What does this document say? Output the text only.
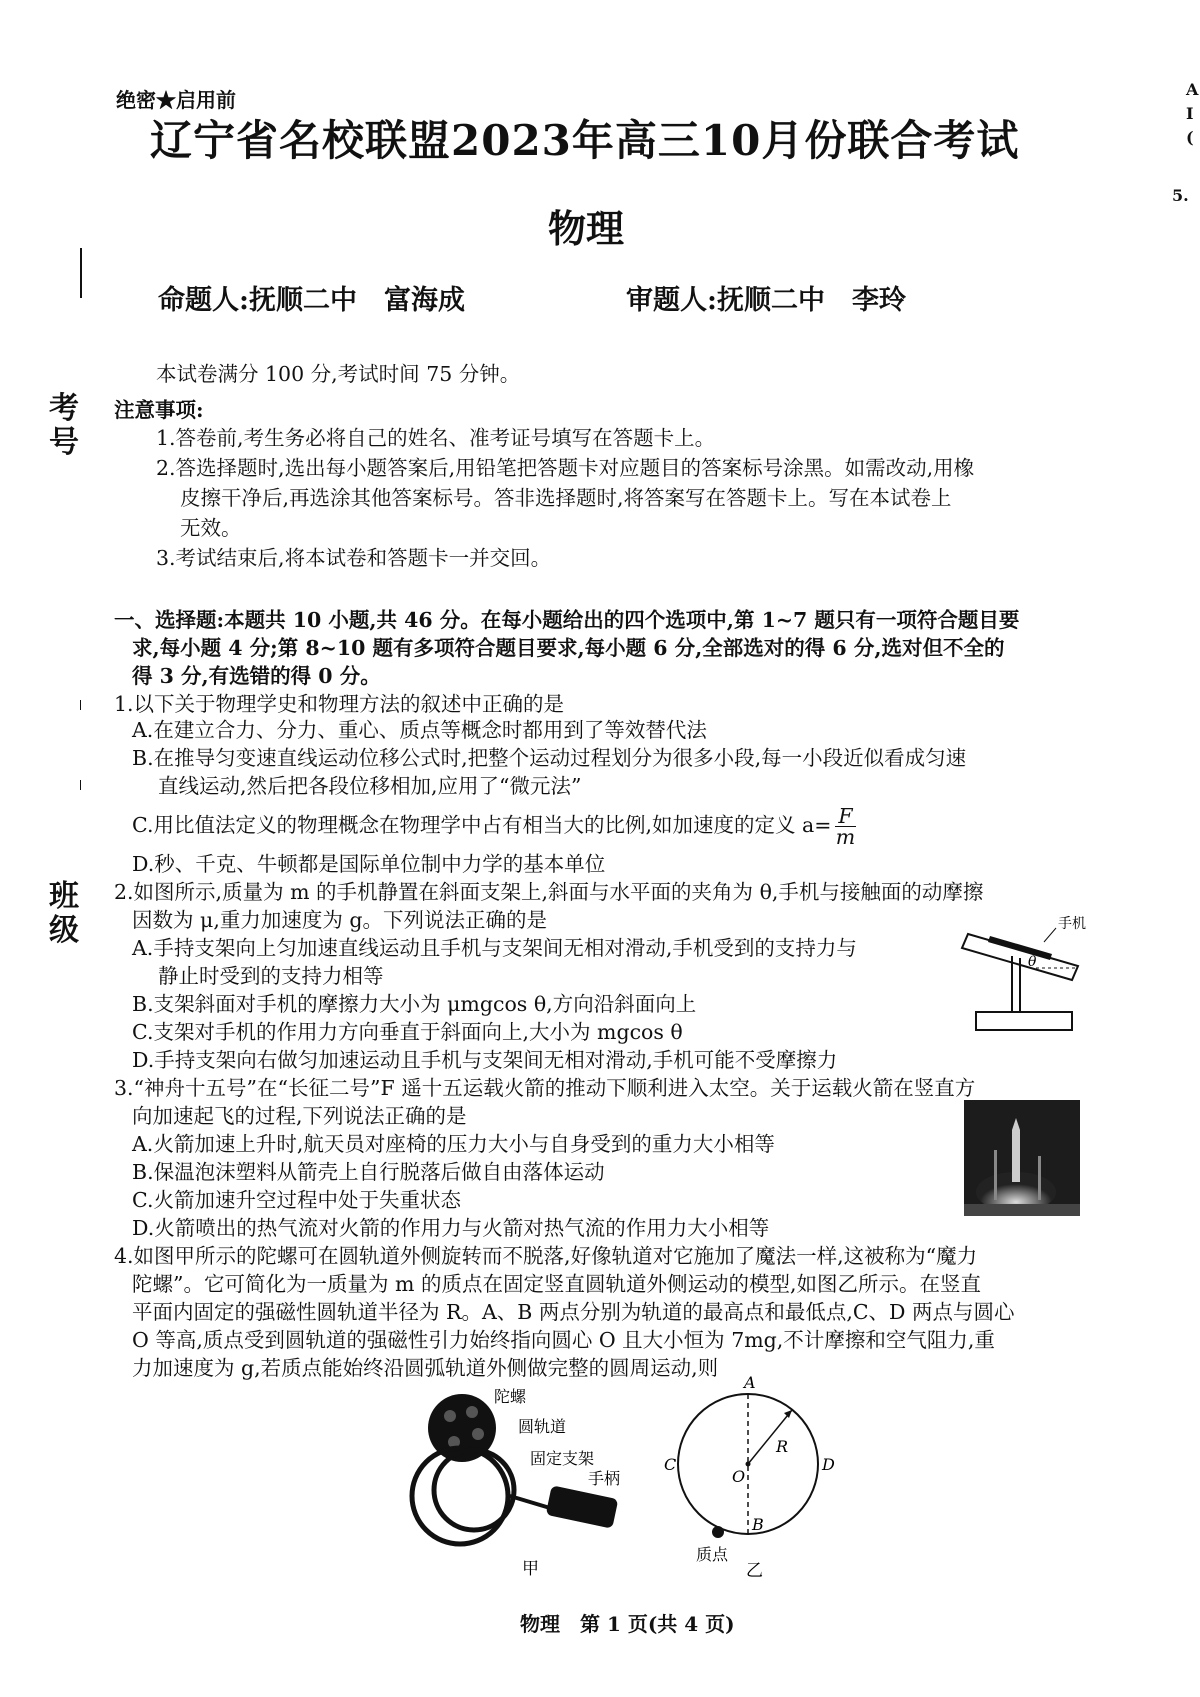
绝密★启用前
辽宁省名校联盟2023年高三10月份联合考试
物理
命题人:抚顺二中　富海成	审题人:抚顺二中　李玲
考号
班级
A
I
(
5.
本试卷满分 100 分,考试时间 75 分钟。
注意事项:
1.答卷前,考生务必将自己的姓名、准考证号填写在答题卡上。
2.答选择题时,选出每小题答案后,用铅笔把答题卡对应题目的答案标号涂黑。如需改动,用橡
皮擦干净后,再选涂其他答案标号。答非选择题时,将答案写在答题卡上。写在本试卷上
无效。
3.考试结束后,将本试卷和答题卡一并交回。
一、选择题:本题共 10 小题,共 46 分。在每小题给出的四个选项中,第 1~7 题只有一项符合题目要
求,每小题 4 分;第 8~10 题有多项符合题目要求,每小题 6 分,全部选对的得 6 分,选对但不全的
得 3 分,有选错的得 0 分。
1.以下关于物理学史和物理方法的叙述中正确的是
A.在建立合力、分力、重心、质点等概念时都用到了等效替代法
B.在推导匀变速直线运动位移公式时,把整个运动过程划分为很多小段,每一小段近似看成匀速
直线运动,然后把各段位移相加,应用了“微元法”
C.用比值法定义的物理概念在物理学中占有相当大的比例,如加速度的定义 $a= \frac{F}{m}$
D.秒、千克、牛顿都是国际单位制中力学的基本单位
2.如图所示,质量为 m 的手机静置在斜面支架上,斜面与水平面的夹角为 θ,手机与接触面的动摩擦
因数为 μ,重力加速度为 g。下列说法正确的是
A.手持支架向上匀加速直线运动且手机与支架间无相对滑动,手机受到的支持力与
静止时受到的支持力相等
B.支架斜面对手机的摩擦力大小为 μmgcos θ,方向沿斜面向上
C.支架对手机的作用力方向垂直于斜面向上,大小为 mgcos θ
D.手持支架向右做匀加速运动且手机与支架间无相对滑动,手机可能不受摩擦力
θ
手机
3.“神舟十五号”在“长征二号”F 遥十五运载火箭的推动下顺利进入太空。关于运载火箭在竖直方
向加速起飞的过程,下列说法正确的是
A.火箭加速上升时,航天员对座椅的压力大小与自身受到的重力大小相等
B.保温泡沫塑料从箭壳上自行脱落后做自由落体运动
C.火箭加速升空过程中处于失重状态
D.火箭喷出的热气流对火箭的作用力与火箭对热气流的作用力大小相等
4.如图甲所示的陀螺可在圆轨道外侧旋转而不脱落,好像轨道对它施加了魔法一样,这被称为“魔力
陀螺”。它可简化为一质量为 m 的质点在固定竖直圆轨道外侧运动的模型,如图乙所示。在竖直
平面内固定的强磁性圆轨道半径为 R。A、B 两点分别为轨道的最高点和最低点,C、D 两点与圆心
O 等高,质点受到圆轨道的强磁性引力始终指向圆心 O 且大小恒为 7mg,不计摩擦和空气阻力,重
力加速度为 g,若质点能始终沿圆弧轨道外侧做完整的圆周运动,则
陀螺
圆轨道
固定支架
手柄
甲
A
B
C	D
O
R
质点
乙
物理　第 1 页(共 4 页)
